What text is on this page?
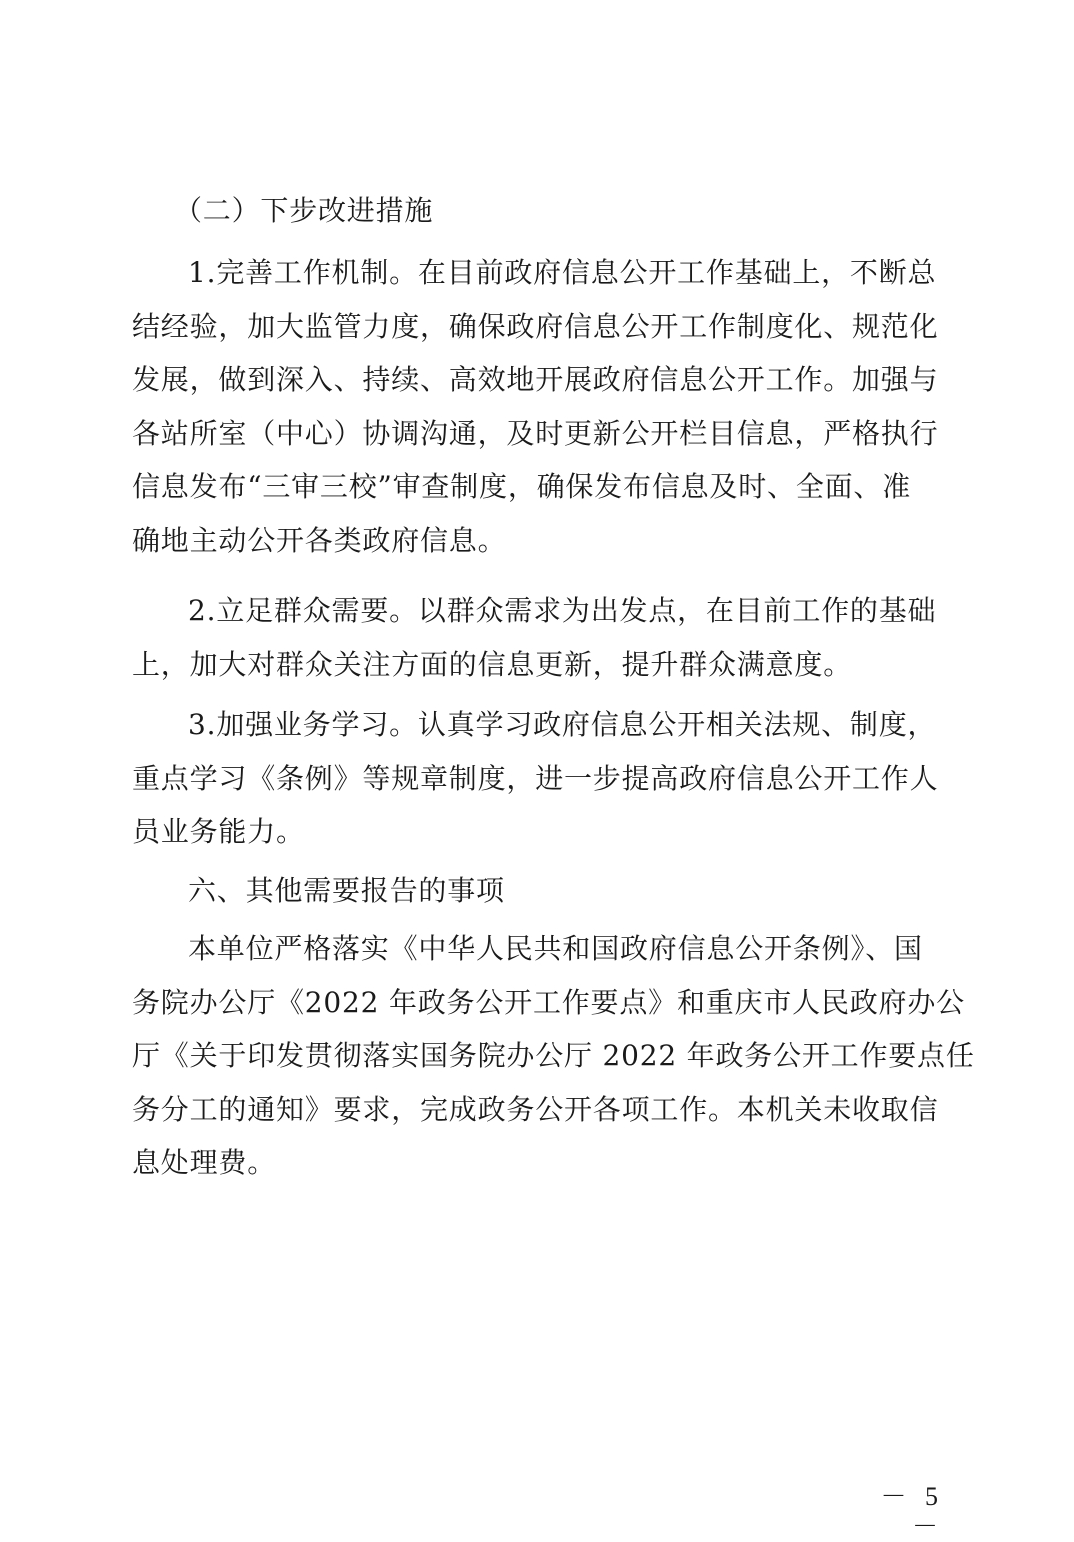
（二）下步改进措施

1.完善工作机制。在目前政府信息公开工作基础上，不断总
结经验，加大监管力度，确保政府信息公开工作制度化、规范化
发展，做到深入、持续、高效地开展政府信息公开工作。加强与
各站所室（中心）协调沟通，及时更新公开栏目信息，严格执行
信息发布“三审三校”审查制度，确保发布信息及时、全面、准
确地主动公开各类政府信息。

2.立足群众需要。以群众需求为出发点，在目前工作的基础
上，加大对群众关注方面的信息更新，提升群众满意度。

3.加强业务学习。认真学习政府信息公开相关法规、制度，
重点学习《条例》等规章制度，进一步提高政府信息公开工作人
员业务能力。

六、其他需要报告的事项

本单位严格落实《中华人民共和国政府信息公开条例》、国
务院办公厅《2022 年政务公开工作要点》和重庆市人民政府办公
厅《关于印发贯彻落实国务院办公厅 2022 年政务公开工作要点任
务分工的通知》要求，完成政务公开各项工作。本机关未收取信
息处理费。

－ 5 －
